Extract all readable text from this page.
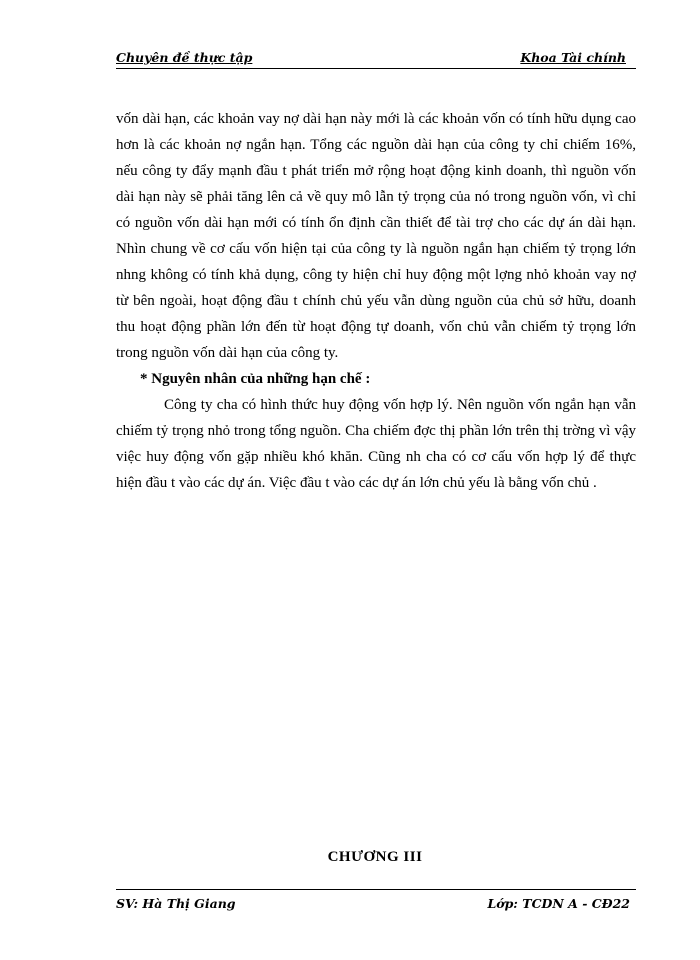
Chuyên đề thực tập	Khoa Tài chính

vốn dài hạn, các khoản vay nợ dài hạn này mới là các khoản vốn có tính hữu dụng cao hơn là các khoản nợ ngắn hạn. Tổng các nguồn dài hạn của công ty chỉ chiếm 16%, nếu công ty đẩy mạnh đầu t phát triển mở rộng hoạt động kinh doanh, thì nguồn vốn dài hạn này sẽ phải tăng lên cả về quy mô lẫn tỷ trọng của nó trong nguồn vốn, vì chỉ có nguồn vốn dài hạn mới có tính ổn định cần thiết để tài trợ cho các dự án dài hạn. Nhìn chung về cơ cấu vốn hiện tại của công ty là nguồn ngắn hạn chiếm tỷ trọng lớn nhng không có tính khả dụng, công ty hiện chỉ huy động một lợng nhỏ khoản vay nợ từ bên ngoài, hoạt động đầu t chính chủ yếu vẫn dùng nguồn của chủ sở hữu, doanh thu hoạt động phần lớn đến từ hoạt động tự doanh, vốn chủ vẫn chiếm tỷ trọng lớn trong nguồn vốn dài hạn của công ty.

* Nguyên nhân của những hạn chế :

Công ty cha có hình thức huy động vốn hợp lý. Nên nguồn vốn ngắn hạn vẫn chiếm tỷ trọng nhỏ trong tổng nguồn. Cha chiếm đợc thị phần lớn trên thị trờng vì vậy việc huy động vốn gặp nhiều khó khăn. Cũng nh cha có cơ cấu vốn hợp lý để thực hiện đầu t vào các dự án. Việc đầu t vào các dự án lớn chủ yếu là bằng vốn chủ .

CHƯƠNG III
SV: Hà Thị Giang	Lớp: TCDN A - CĐ22
